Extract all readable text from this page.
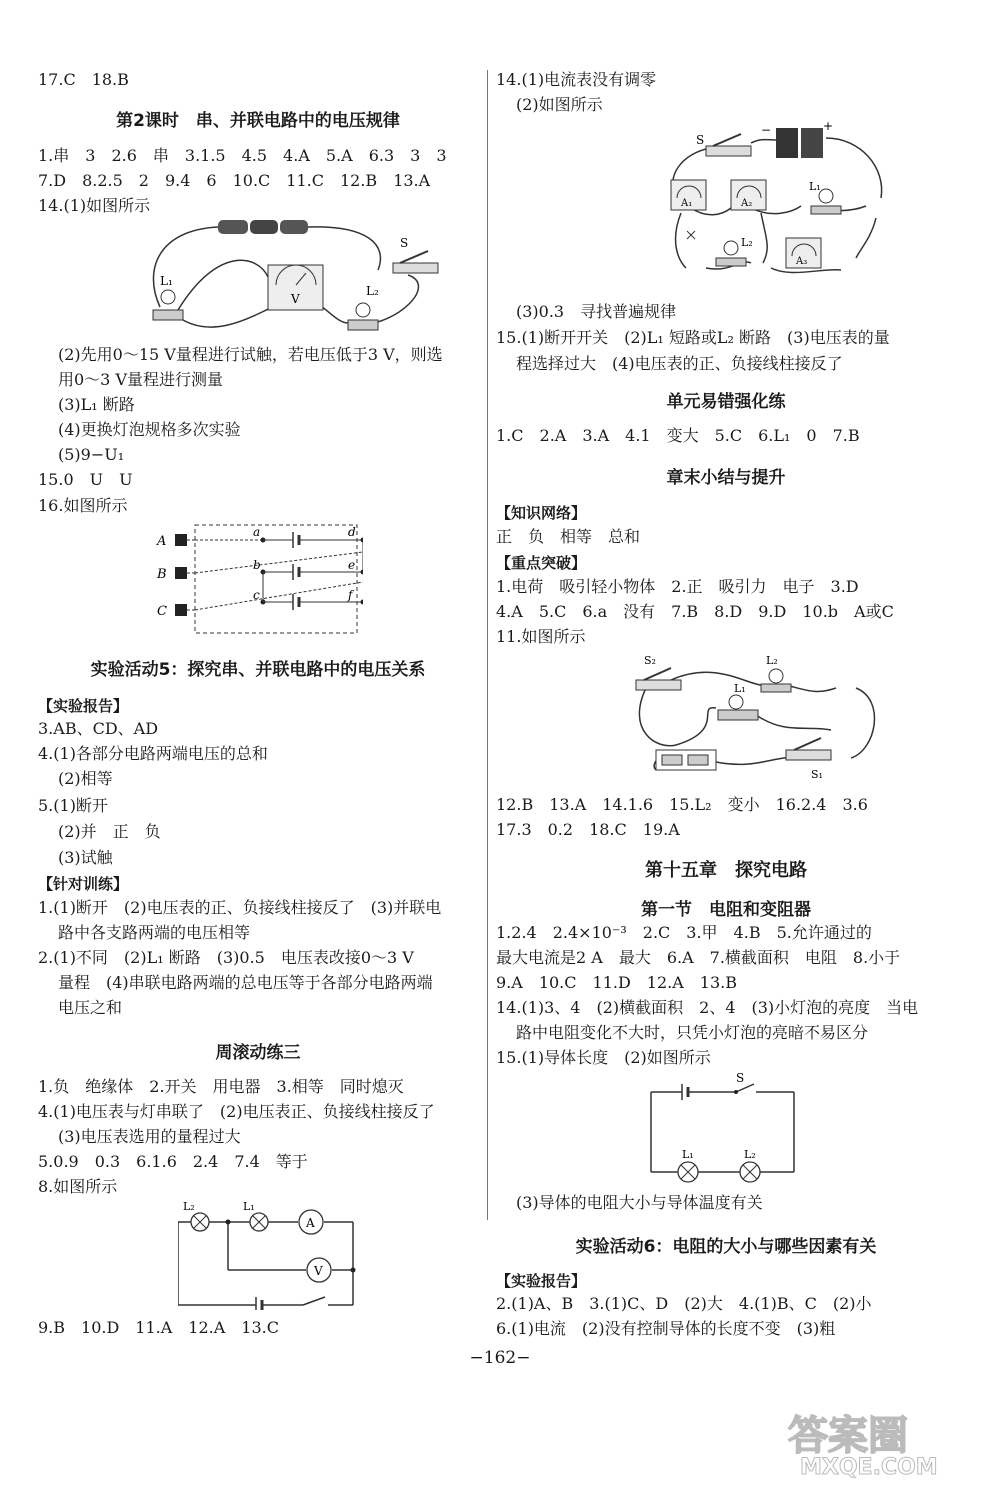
17.C　18.B
第2课时　串、并联电路中的电压规律
1.串　3　2.6　串　3.1.5　4.5　4.A　5.A　6.3　3　3
7.D　8.2.5　2　9.4　6　10.C　11.C　12.B　13.A
14.(1)如图所示
S
V
L₁
L₂
(2)先用0～15 V量程进行试触，若电压低于3 V，则选
用0～3 V量程进行测量
(3)L₁ 断路
(4)更换灯泡规格多次实验
(5)9−U₁
15.0　U　U
16.如图所示
A
B
C
a
b
c
d
e
f
实验活动5：探究串、并联电路中的电压关系
【实验报告】
3.AB、CD、AD
4.(1)各部分电路两端电压的总和
(2)相等
5.(1)断开
(2)并　正　负
(3)试触
【针对训练】
1.(1)断开　(2)电压表的正、负接线柱接反了　(3)并联电
路中各支路两端的电压相等
2.(1)不同　(2)L₁ 断路　(3)0.5　电压表改接0～3 V
量程　(4)串联电路两端的总电压等于各部分电路两端
电压之和
周滚动练三
1.负　绝缘体　2.开关　用电器　3.相等　同时熄灭
4.(1)电压表与灯串联了　(2)电压表正、负接线柱接反了
(3)电压表选用的量程过大
5.0.9　0.3　6.1.6　2.4　7.4　等于
8.如图所示
A
V
L₂	L₁
9.B　10.D　11.A　12.A　13.C
14.(1)电流表没有调零
(2)如图所示
S
−	+
A₁	A₂
L₁
L₂
A₃
(3)0.3　寻找普遍规律
15.(1)断开开关　(2)L₁ 短路或L₂ 断路　(3)电压表的量
程选择过大　(4)电压表的正、负接线柱接反了
单元易错强化练
1.C　2.A　3.A　4.1　变大　5.C　6.L₁　0　7.B
章末小结与提升
【知识网络】
正　负　相等　总和
【重点突破】
1.电荷　吸引轻小物体　2.正　吸引力　电子　3.D
4.A　5.C　6.a　没有　7.B　8.D　9.D　10.b　A或C
11.如图所示
S₂	L₂
L₁
S₁
12.B　13.A　14.1.6　15.L₂　变小　16.2.4　3.6
17.3　0.2　18.C　19.A
第十五章　探究电路
第一节　电阻和变阻器
1.2.4　2.4×10⁻³　2.C　3.甲　4.B　5.允许通过的
最大电流是2 A　最大　6.A　7.横截面积　电阻　8.小于
9.A　10.C　11.D　12.A　13.B
14.(1)3、4　(2)横截面积　2、4　(3)小灯泡的亮度　当电
路中电阻变化不大时，只凭小灯泡的亮暗不易区分
15.(1)导体长度　(2)如图所示
S
L₁	L₂
(3)导体的电阻大小与导体温度有关
实验活动6：电阻的大小与哪些因素有关
【实验报告】
2.(1)A、B　3.(1)C、D　(2)大　4.(1)B、C　(2)小
6.(1)电流　(2)没有控制导体的长度不变　(3)粗
−162−
答案圈
MXQE.COM
